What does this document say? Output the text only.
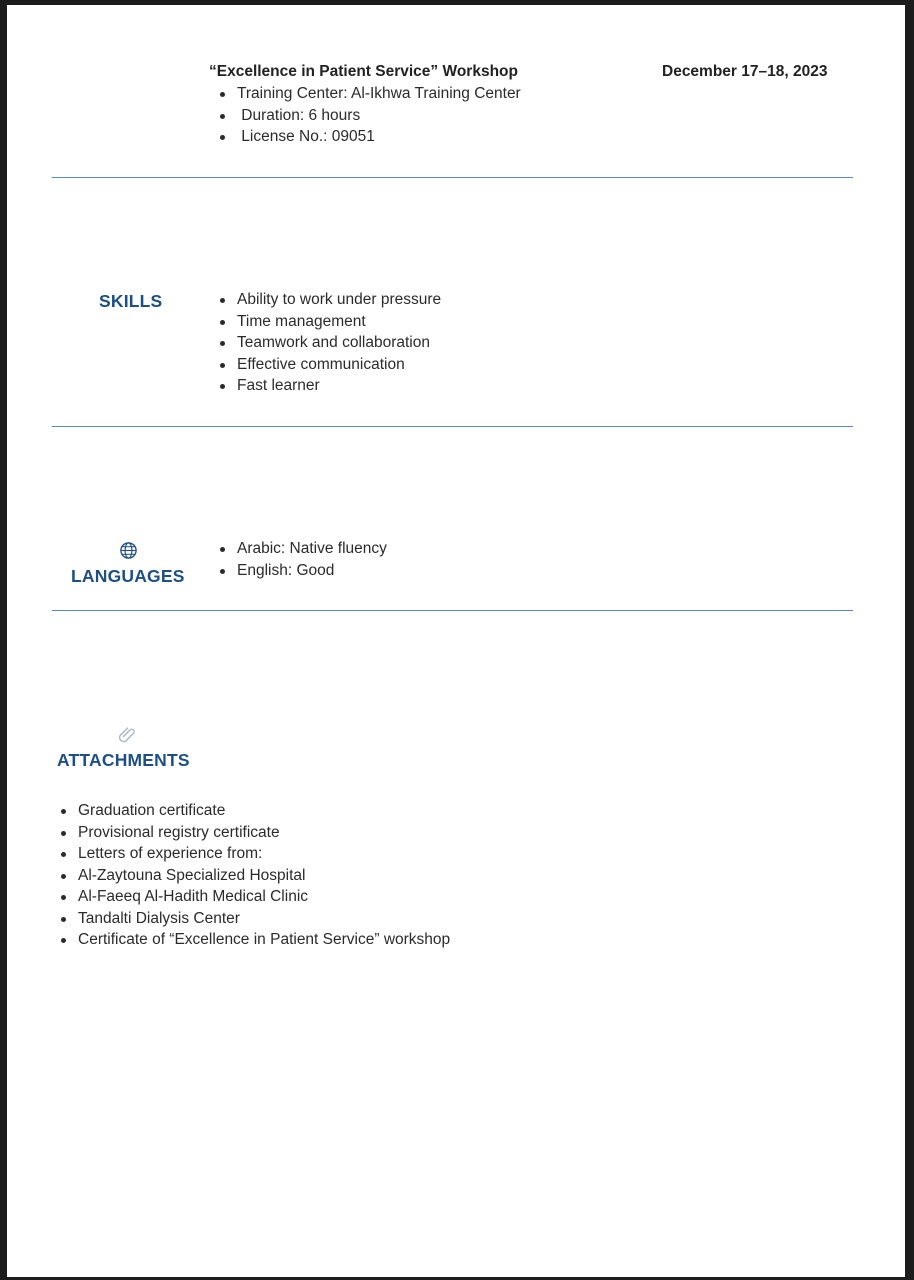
“Excellence in Patient Service” Workshop	December 17–18, 2023
Training Center: Al-Ikhwa Training Center
Duration: 6 hours
License No.: 09051
SKILLS	Ability to work under pressure
Time management
Teamwork and collaboration
Effective communication
Fast learner
LANGUAGES
Arabic: Native fluency
English: Good
ATTACHMENTS
Graduation certificate
Provisional registry certificate
Letters of experience from:
Al-Zaytouna Specialized Hospital
Al-Faeeq Al-Hadith Medical Clinic
Tandalti Dialysis Center
Certificate of “Excellence in Patient Service” workshop
